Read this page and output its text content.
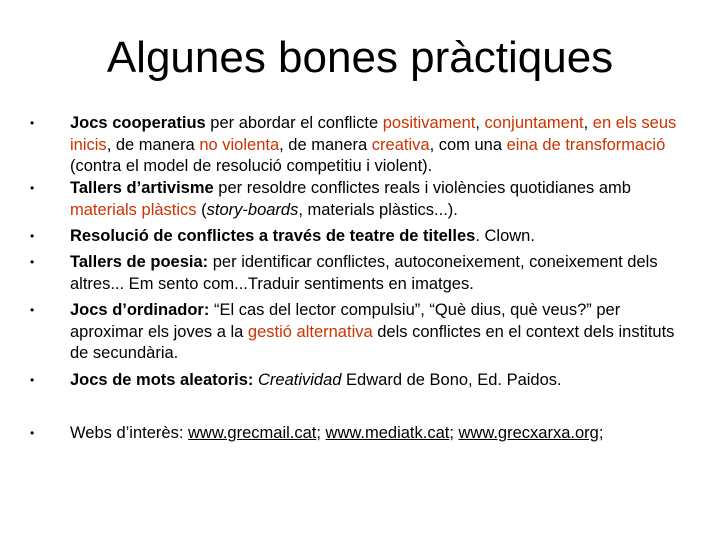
Algunes bones pràctiques
• Jocs cooperatius per abordar el conflicte positivament, conjuntament, en els seus inicis, de manera no violenta, de manera creativa, com una eina de transformació (contra el model de resolució competitiu i violent).
• Tallers d’artivisme per resoldre conflictes reals i violències quotidianes amb materials plàstics (story-boards, materials plàstics...).
• Resolució de conflictes a través de teatre de titelles. Clown.
• Tallers de poesia: per identificar conflictes, autoconeixement, coneixement dels altres... Em sento com...Traduir sentiments en imatges.
• Jocs d’ordinador: “El cas del lector compulsiu”, “Què dius, què veus?” per aproximar els joves a la gestió alternativa dels conflictes en el context dels instituts de secundària.
• Jocs de mots aleatoris: Creatividad Edward de Bono, Ed. Paidos.
• Webs d’interès: www.grecmail.cat; www.mediatk.cat; www.grecxarxa.org;
